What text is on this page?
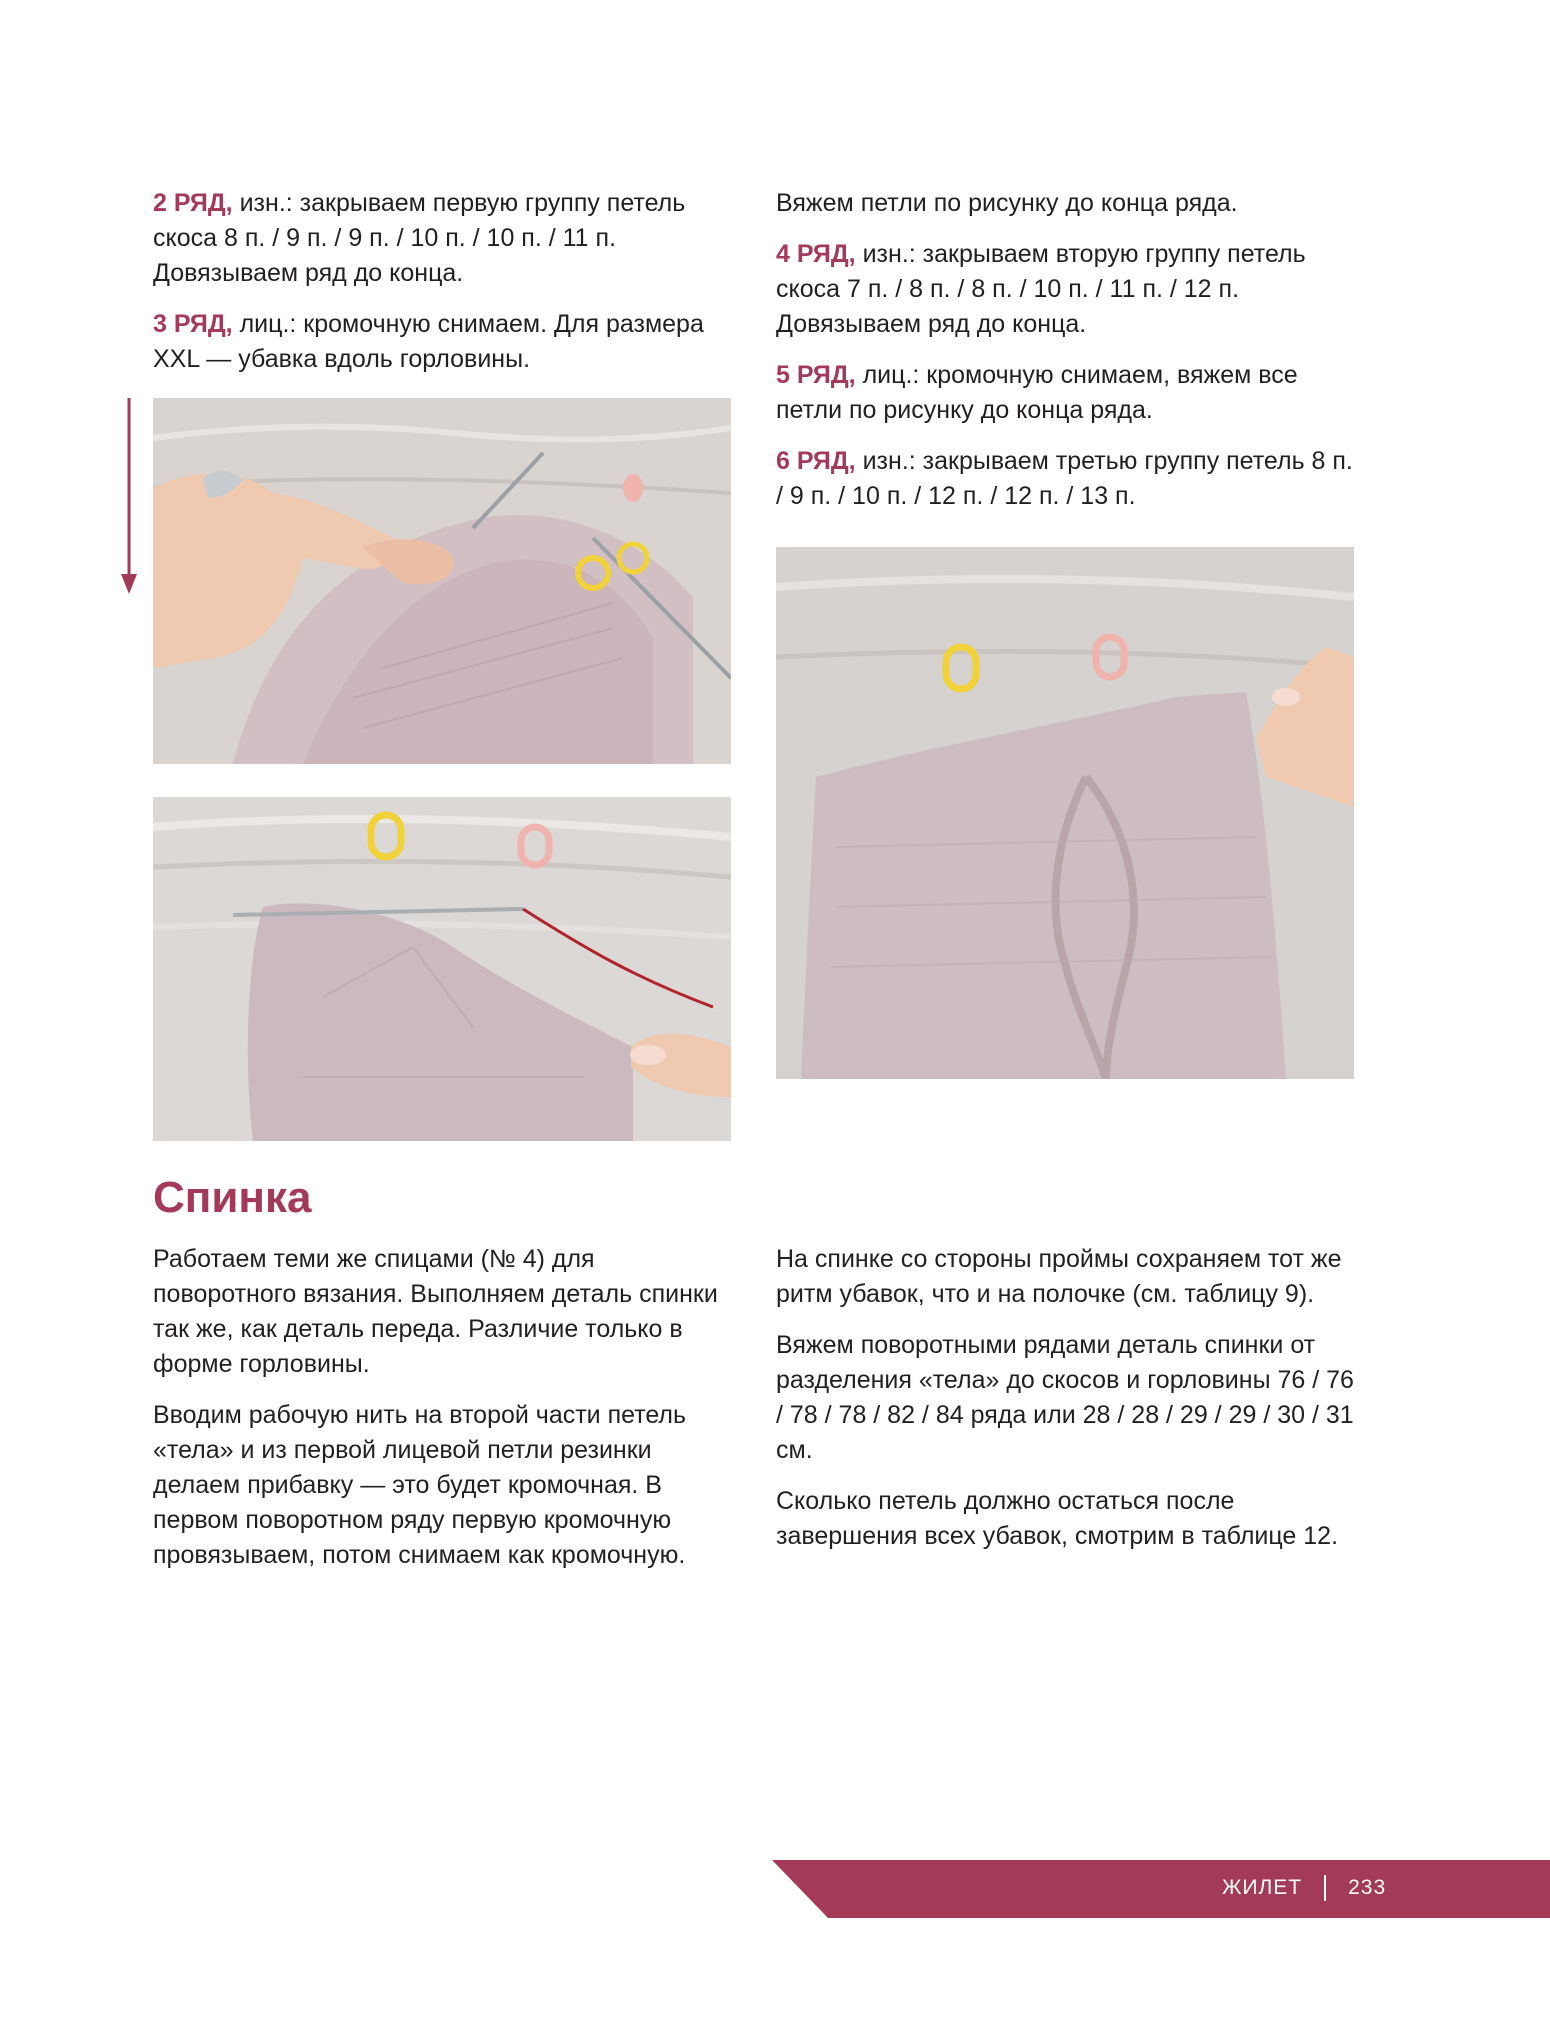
2 РЯД, изн.: закрываем первую группу петель скоса 8 п. / 9 п. / 9 п. / 10 п. / 10 п. / 11 п. Довязываем ряд до конца.

3 РЯД, лиц.: кромочную снимаем. Для размера XXL — убавка вдоль горловины.

Вяжем петли по рисунку до конца ряда.

4 РЯД, изн.: закрываем вторую группу петель скоса 7 п. / 8 п. / 8 п. / 10 п. / 11 п. / 12 п. Довязываем ряд до конца.

5 РЯД, лиц.: кромочную снимаем, вяжем все петли по рисунку до конца ряда.

6 РЯД, изн.: закрываем третью группу петель 8 п. / 9 п. / 10 п. / 12 п. / 12 п. / 13 п.

Спинка

Работаем теми же спицами (№ 4) для поворотного вязания. Выполняем деталь спинки так же, как деталь переда. Различие только в форме горловины.

Вводим рабочую нить на второй части петель «тела» и из первой лицевой петли резинки делаем прибавку — это будет кромочная. В первом поворотном ряду первую кромочную провязываем, потом снимаем как кромочную.

На спинке со стороны проймы сохраняем тот же ритм убавок, что и на полочке (см. таблицу 9).

Вяжем поворотными рядами деталь спинки от разделения «тела» до скосов и горловины 76 / 76 / 78 / 78 / 82 / 84 ряда или 28 / 28 / 29 / 29 / 30 / 31 см.

Сколько петель должно остаться после завершения всех убавок, смотрим в таблице 12.

ЖИЛЕТ 233
